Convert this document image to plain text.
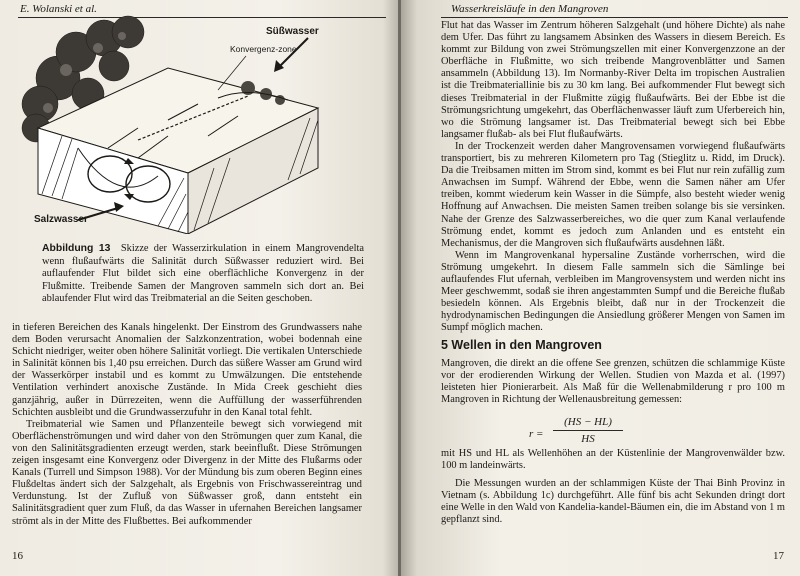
E. Wolanski et al.
Süßwasser
Konvergenz-zone
Salzwasser
Abbildung 13 Skizze der Wasserzirkulation in einem Mangrovendelta wenn flußaufwärts die Salinität durch Süßwasser reduziert wird. Bei auflaufender Flut bildet sich eine oberflächliche Konvergenz in der Flußmitte. Treibende Samen der Mangroven sammeln sich dort an. Bei ablaufender Flut wird das Treibmaterial an die Seiten geschoben.

in tieferen Bereichen des Kanals hingelenkt. Der Einstrom des Grundwassers nahe dem Boden verursacht Anomalien der Salzkonzentration, wobei bodennah eine Schicht niedriger, weiter oben höhere Salinität vorliegt. Die vertikalen Unterschiede in Salinität können bis 1,40 psu erreichen. Durch das süßere Wasser am Grund wird der Wasserkörper instabil und es kommt zu Umwälzungen. Die entstehende Ventilation verhindert anoxische Zustände. In Mida Creek geschieht dies ganzjährig, außer in Dürrezeiten, wenn die Auffüllung der wasserführenden Schichten ausbleibt und die Grundwasserzufuhr in den Kanal total fehlt.

Treibmaterial wie Samen und Pflanzenteile bewegt sich vorwiegend mit Oberflächenströmungen und wird daher von den Strömungen quer zum Kanal, die von den Salinitätsgradienten erzeugt werden, stark beeinflußt. Diese Strömungen zeigen insgesamt eine Konvergenz oder Divergenz in der Mitte des Flußarms oder Kanals (Turrell und Simpson 1988). Vor der Mündung bis zum oberen Beginn eines Flußdeltas ändert sich der Salzgehalt, als Ergebnis von Frischwassereintrag und Verdunstung. Ist der Zufluß von Süßwasser groß, dann entsteht ein Salinitätsgradient quer zum Fluß, da das Wasser in ufernahen Bereichen langsamer strömt als in der Mitte des Flußbettes. Bei aufkommender

16
Wasserkreisläufe in den Mangroven

Flut hat das Wasser im Zentrum höheren Salzgehalt (und höhere Dichte) als nahe dem Ufer. Das führt zu langsamem Absinken des Wassers in diesem Bereich. Es kommt zur Bildung von zwei Strömungszellen mit einer Konvergenzzone an der Oberfläche in Flußmitte, wo sich treibende Mangrovenblätter und Samen ansammeln (Abbildung 13). Im Normanby-River Delta im tropischen Australien ist die Treibmateriallinie bis zu 30 km lang. Bei aufkommender Flut bewegt sich dieses Treibmaterial in der Flußmitte zügig flußaufwärts. Bei der Ebbe ist die Strömungsrichtung umgekehrt, das Oberflächenwasser läuft zum Uferbereich hin, wo die Strömung langsamer ist. Das Treibmaterial bewegt sich bei Ebbe langsamer flußab- als bei Flut flußaufwärts.

In der Trockenzeit werden daher Mangrovensamen vorwiegend flußaufwärts transportiert, bis zu mehreren Kilometern pro Tag (Stieglitz u. Ridd, im Druck). Da die Treibsamen mitten im Strom sind, kommt es bei Flut nur rein zufällig zum Anwachsen im Sumpf. Während der Ebbe, wenn die Samen näher am Ufer treiben, kommt wiederum kein Wasser in die Sümpfe, also besteht wieder wenig Hoffnung auf Anwachsen. Die meisten Samen treiben solange bis sie versinken. Nahe der Grenze des Salzwasserbereiches, wo die quer zum Kanal verlaufende Strömung endet, kommt es jedoch zum Anlanden und es entsteht ein Mechanismus, der die Mangroven sich flußaufwärts ausdehnen läßt.

Wenn im Mangrovenkanal hypersaline Zustände vorherrschen, wird die Strömung umgekehrt. In diesem Falle sammeln sich die Sämlinge bei auflaufendes Flut ufernah, verbleiben im Mangrovensystem und werden nicht ins Meer geschwemmt, sodaß sie ihren angestammten Sumpf und die Bereiche flußab besiedeln können. Als Ergebnis bleibt, daß nur in der Trockenzeit die hydrodynamischen Bedingungen die Ansiedlung größerer Mengen von Samen im Sumpf möglich machen.

5 Wellen in den Mangroven

Mangroven, die direkt an die offene See grenzen, schützen die schlammige Küste vor der erodierenden Wirkung der Wellen. Studien von Mazda et al. (1997) leisteten hier Pionierarbeit. Als Maß für die Wellenabmilderung r pro 100 m Mangroven in Richtung der Wellenausbreitung gemessen:

r =
(HS − HL)
HS

mit HS und HL als Wellenhöhen an der Küstenlinie der Mangrovenwälder bzw. 100 m landeinwärts.

Die Messungen wurden an der schlammigen Küste der Thai Binh Provinz in Vietnam (s. Abbildung 1c) durchgeführt. Alle fünf bis acht Sekunden dringt dort eine Welle in den Wald von Kandelia-kandel-Bäumen ein, die im Abstand von 1 m gepflanzt sind.

17
